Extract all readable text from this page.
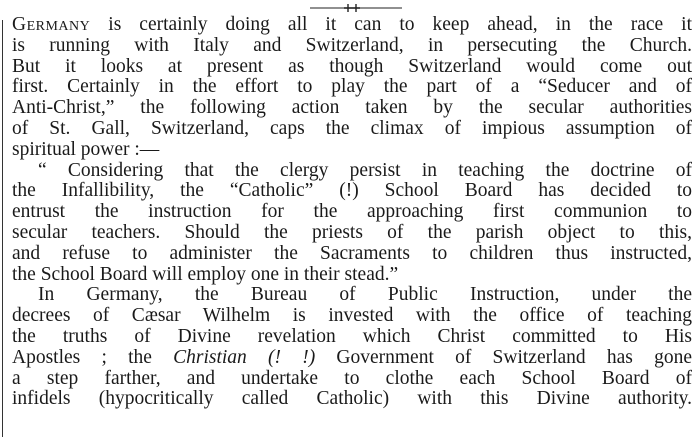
Germany is certainly doing all it can to keep ahead, in the race it
is running with Italy and Switzerland, in persecuting the Church.
But it looks at present as though Switzerland would come out
first. Certainly in the effort to play the part of a “Seducer and of
Anti-Christ,” the following action taken by the secular authorities
of St. Gall, Switzerland, caps the climax of impious assumption of
spiritual power :—
“ Considering that the clergy persist in teaching the doctrine of
the Infallibility, the “Catholic” (!) School Board has decided to
entrust the instruction for the approaching first communion to
secular teachers. Should the priests of the parish object to this,
and refuse to administer the Sacraments to children thus instructed,
the School Board will employ one in their stead.”
In Germany, the Bureau of Public Instruction, under the
decrees of Cæsar Wilhelm is invested with the office of teaching
the truths of Divine revelation which Christ committed to His
Apostles ; the Christian (! !) Government of Switzerland has gone
a step farther, and undertake to clothe each School Board of
infidels (hypocritically called Catholic) with this Divine authority.
